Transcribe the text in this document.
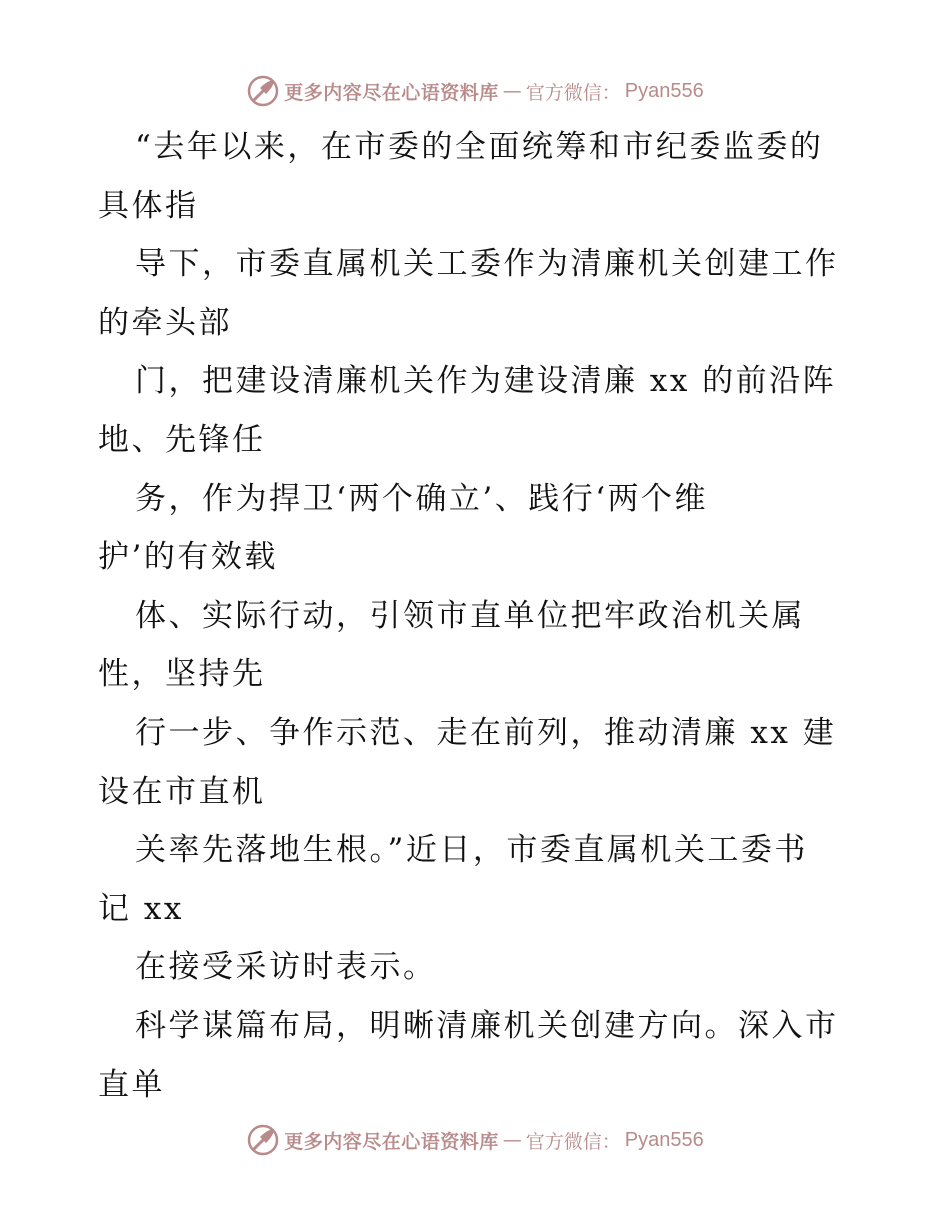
更多内容尽在心语资料库 — 官方微信： Pyan556
“去年以来，在市委的全面统筹和市纪委监委的
具体指
导下，市委直属机关工委作为清廉机关创建工作
的牵头部
门，把建设清廉机关作为建设清廉 xx 的前沿阵
地、先锋任
务，作为捍卫‘两个确立’、践行‘两个维
护’的有效载
体、实际行动，引领市直单位把牢政治机关属
性，坚持先
行一步、争作示范、走在前列，推动清廉 xx 建
设在市直机
关率先落地生根。”近日，市委直属机关工委书
记 xx
在接受采访时表示。
科学谋篇布局，明晰清廉机关创建方向。深入市
直单
更多内容尽在心语资料库 — 官方微信： Pyan556
